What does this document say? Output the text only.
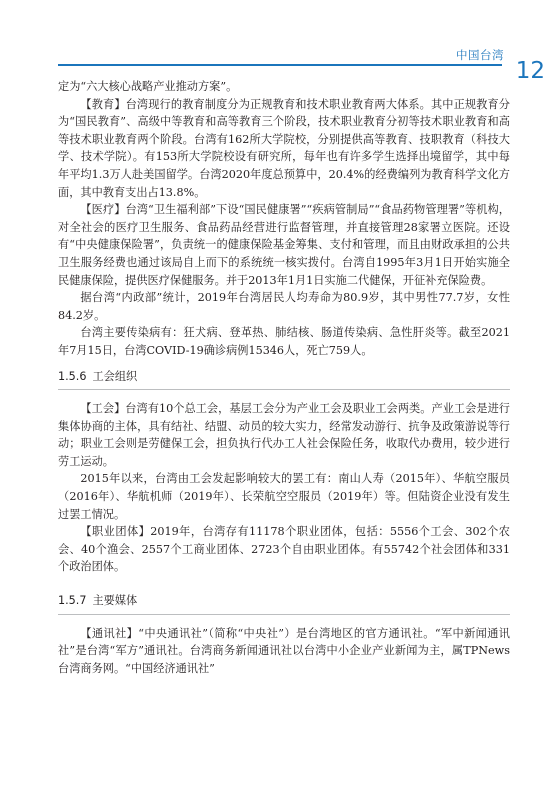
中国台湾
12

定为“六大核心战略产业推动方案”。

【教育】台湾现行的教育制度分为正规教育和技术职业教育两大体系。其中正规教育分为“国民教育”、高级中等教育和高等教育三个阶段，技术职业教育分初等技术职业教育和高等技术职业教育两个阶段。台湾有162所大学院校，分别提供高等教育、技职教育（科技大学、技术学院）。有153所大学院校设有研究所，每年也有许多学生选择出境留学，其中每年平均1.3万人赴美国留学。台湾2020年度总预算中，20.4%的经费编列为教育科学文化方面，其中教育支出占13.8%。

【医疗】台湾“卫生福利部”下设“国民健康署”“疾病管制局”“食品药物管理署”等机构，对全社会的医疗卫生服务、食品药品经营进行监督管理，并直接管理28家署立医院。还设有“中央健康保险署”，负责统一的健康保险基金筹集、支付和管理，而且由财政承担的公共卫生服务经费也通过该局自上而下的系统统一核实拨付。台湾自1995年3月1日开始实施全民健康保险，提供医疗保健服务。并于2013年1月1日实施二代健保，开征补充保险费。

据台湾“内政部”统计，2019年台湾居民人均寿命为80.9岁，其中男性77.7岁，女性84.2岁。

台湾主要传染病有：狂犬病、登革热、肺结核、肠道传染病、急性肝炎等。截至2021年7月15日，台湾COVID-19确诊病例15346人，死亡759人。

1.5.6 工会组织

【工会】台湾有10个总工会，基层工会分为产业工会及职业工会两类。产业工会是进行集体协商的主体，具有结社、结盟、动员的较大实力，经常发动游行、抗争及政策游说等行动；职业工会则是劳健保工会，担负执行代办工人社会保险任务，收取代办费用，较少进行劳工运动。

2015年以来，台湾由工会发起影响较大的罢工有：南山人寿（2015年）、华航空服员（2016年）、华航机师（2019年）、长荣航空空服员（2019年）等。但陆资企业没有发生过罢工情况。

【职业团体】2019年，台湾存有11178个职业团体，包括：5556个工会、302个农会、40个渔会、2557个工商业团体、2723个自由职业团体。有55742个社会团体和331个政治团体。

1.5.7 主要媒体

【通讯社】“中央通讯社”（简称“中央社”）是台湾地区的官方通讯社。“军中新闻通讯社”是台湾“军方”通讯社。台湾商务新闻通讯社以台湾中小企业产业新闻为主，属TPNews台湾商务网。“中国经济通讯社”
